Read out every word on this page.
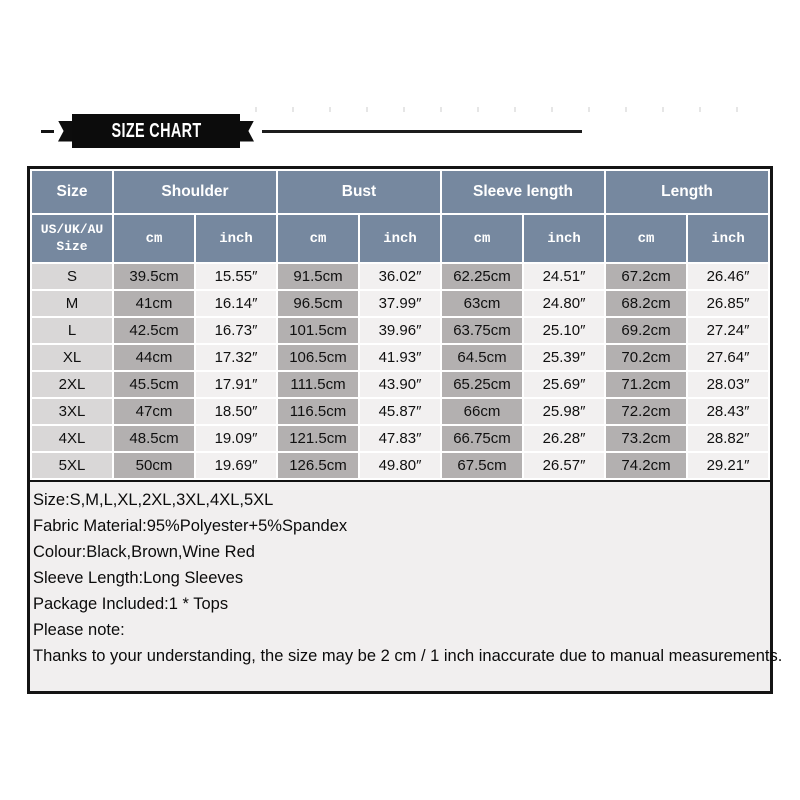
SIZE CHART
Size	Shoulder		Bust		Sleeve length		Length	
US/UK/AU Size	cm	inch	cm	inch	cm	inch	cm	inch
S	39.5cm	15.55″	91.5cm	36.02″	62.25cm	24.51″	67.2cm	26.46″
M	41cm	16.14″	96.5cm	37.99″	63cm	24.80″	68.2cm	26.85″
L	42.5cm	16.73″	101.5cm	39.96″	63.75cm	25.10″	69.2cm	27.24″
XL	44cm	17.32″	106.5cm	41.93″	64.5cm	25.39″	70.2cm	27.64″
2XL	45.5cm	17.91″	111.5cm	43.90″	65.25cm	25.69″	71.2cm	28.03″
3XL	47cm	18.50″	116.5cm	45.87″	66cm	25.98″	72.2cm	28.43″
4XL	48.5cm	19.09″	121.5cm	47.83″	66.75cm	26.28″	73.2cm	28.82″
5XL	50cm	19.69″	126.5cm	49.80″	67.5cm	26.57″	74.2cm	29.21″

Size:S,M,L,XL,2XL,3XL,4XL,5XL

Fabric Material:95%Polyester+5%Spandex

Colour:Black,Brown,Wine Red

Sleeve Length:Long Sleeves

Package Included:1 * Tops

Please note:

Thanks to your understanding, the size may be 2 cm / 1 inch inaccurate due to manual measurements.
